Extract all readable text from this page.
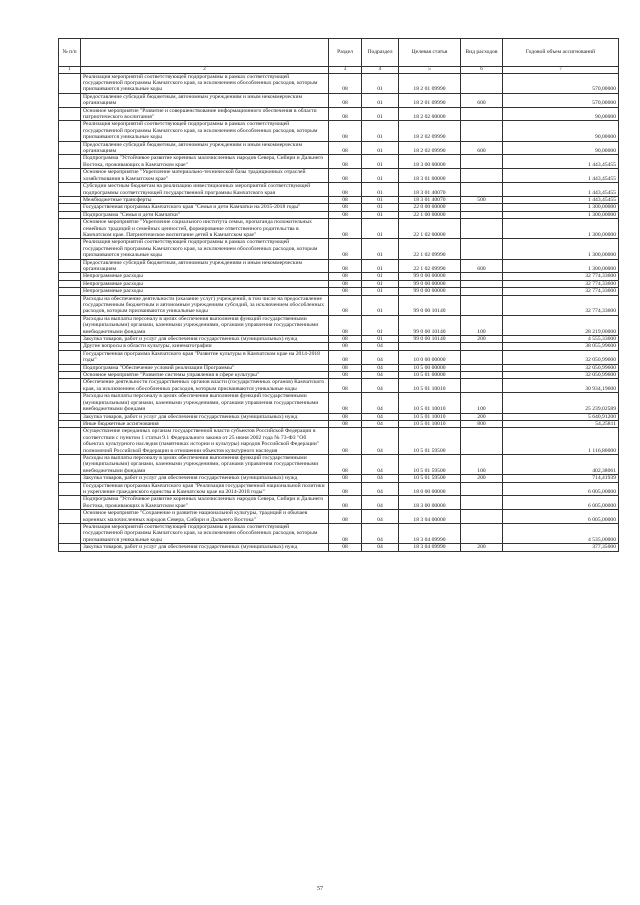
№ п/п		Раздел	Подраздел	Целевая статья	Вид расходов	Годовой объем ассигнований
1	2	3	4	5	6	7
	Реализация мероприятий соответствующей подпрограммы в рамках соответствующей государственной программы Камчатского края, за исключением обособленных расходов, которым присваиваются уникальные коды	08	01	18 2 01 09990		570,00000
	Предоставление субсидий бюджетным, автономным учреждениям и иным некоммерческим организациям	08	01	18 2 01 09990	600	570,00000
	Основное мероприятие "Развитие и совершенствование информационного обеспечения в области патриотического воспитания"	08	01	18 2 02 00000		90,00000
	Реализация мероприятий соответствующей подпрограммы в рамках соответствующей государственной программы Камчатского края, за исключением обособленных расходов, которым присваиваются уникальные коды	08	01	18 2 02 09990		90,00000
	Предоставление субсидий бюджетным, автономным учреждениям и иным некоммерческим организациям	08	01	18 2 02 09990	600	90,00000
	Подпрограмма "Устойчивое развитие коренных малочисленных народов Севера, Сибири и Дальнего Востока, проживающих в Камчатском крае"	08	01	18 3 00 00000		1 443,45455
	Основное мероприятие "Укрепление материально-технической базы традиционных отраслей хозяйствования в Камчатском крае"	08	01	18 3 01 00000		1 443,45455
	Субсидии местным бюджетам на реализацию инвестиционных мероприятий соответствующей подпрограммы соответствующей государственной программы Камчатского края	08	01	18 3 01 40070		1 443,45455
	Межбюджетные трансферты	08	01	18 3 01 40070	500	1 443,45455
	Государственная программа Камчатского края "Семья и дети Камчатки на 2015-2018 годы"	08	01	22 0 00 00000		1 300,00000
	Подпрограмма "Семья и дети Камчатки"	08	01	22 1 00 00000		1 300,00000
	Основное мероприятие "Укрепление социального института семьи, пропаганда положительных семейных традиций и семейных ценностей, формирование ответственного родительства в Камчатском крае. Патриотическое воспитание детей в Камчатском крае"	08	01	22 1 02 00000		1 300,00000
	Реализация мероприятий соответствующей подпрограммы в рамках соответствующей государственной программы Камчатского края, за исключением обособленных расходов, которым присваиваются уникальные коды	08	01	22 1 02 09990		1 300,00000
	Предоставление субсидий бюджетным, автономным учреждениям и иным некоммерческим организациям	08	01	22 1 02 09990	600	1 300,00000
	Непрограммные расходы	08	01	99 0 00 00000		32 774,33600
	Непрограммные расходы	08	01	99 0 00 00000		32 774,33600
	Непрограммные расходы	08	01	99 0 00 00000		32 774,33600
	Расходы на обеспечение деятельности (оказание услуг) учреждений, в том числе на предоставление государственным бюджетным и автономным учреждениям субсидий, за исключением обособленных расходов, которым присваиваются уникальные коды	08	01	99 0 00 10140		32 774,33600
	Расходы на выплаты персоналу в целях обеспечения выполнения функций государственными (муниципальными) органами, казенными учреждениями, органами управления государственными внебюджетными фондами	08	01	99 0 00 10140	100	28 219,00000
	Закупка товаров, работ и услуг для обеспечения государственных (муниципальных) нужд	08	01	99 0 00 10140	200	4 555,33600
	Другие вопросы в области культуры, кинематографии	08	04			38 055,99600
	Государственная программа Камчатского края "Развитие культуры в Камчатском крае на 2014-2018 годы"	08	04	10 0 00 00000		32 050,99600
	Подпрограмма "Обеспечение условий реализации Программы"	08	04	10 5 00 00000		32 050,99600
	Основное мероприятие "Развитие системы управления в сфере культуры"	08	04	10 5 01 00000		32 050,99600
	Обеспечение деятельности государственных органов власти (государственных органов) Камчатского края, за исключением обособленных расходов, которым присваиваются уникальные коды	08	04	10 5 01 10010		30 934,19600
	Расходы на выплаты персоналу в целях обеспечения выполнения функций государственными (муниципальными) органами, казенными учреждениями, органами управления государственными внебюджетными фондами	08	04	10 5 01 10010	100	25 239,02589
	Закупка товаров, работ и услуг для обеспечения государственных (муниципальных) нужд	08	04	10 5 01 10010	200	5 640,91200
	Иные бюджетные ассигнования	08	04	10 5 01 10010	800	54,25811
	Осуществление переданных органам государственной власти субъектов Российской Федерации в соответствии с пунктом 1 статьи 9.1 Федерального закона от 25 июня 2002 года № 73-ФЗ "Об объектах культурного наследия (памятниках истории и культуры) народов Российской Федерации" полномочий Российской Федерации в отношении объектов культурного наследия	08	04	10 5 01 59500		1 116,80000
	Расходы на выплаты персоналу в целях обеспечения выполнения функций государственными (муниципальными) органами, казенными учреждениями, органами управления государственными внебюджетными фондами	08	04	10 5 01 59500	100	402,38061
	Закупка товаров, работ и услуг для обеспечения государственных (муниципальных) нужд	08	04	10 5 01 59500	200	714,41939
	Государственная программа Камчатского края "Реализация государственной национальной политики и укрепление гражданского единства в Камчатском крае на 2014-2018 годы"	08	04	18 0 00 00000		6 005,00000
	Подпрограмма "Устойчивое развитие коренных малочисленных народов Севера, Сибири и Дальнего Востока, проживающих в Камчатском крае"	08	04	18 3 00 00000		6 005,00000
	Основное мероприятие "Сохранение и развитие национальной культуры, традиций и обычаев коренных малочисленных народов Севера, Сибири и Дальнего Востока"	08	04	18 3 04 00000		6 005,00000
	Реализация мероприятий соответствующей подпрограммы в рамках соответствующей государственной программы Камчатского края, за исключением обособленных расходов, которым присваиваются уникальные коды	08	04	18 3 04 09990		4 535,00000
	Закупка товаров, работ и услуг для обеспечения государственных (муниципальных) нужд	08	04	18 3 04 09990	200	377,35000
57
